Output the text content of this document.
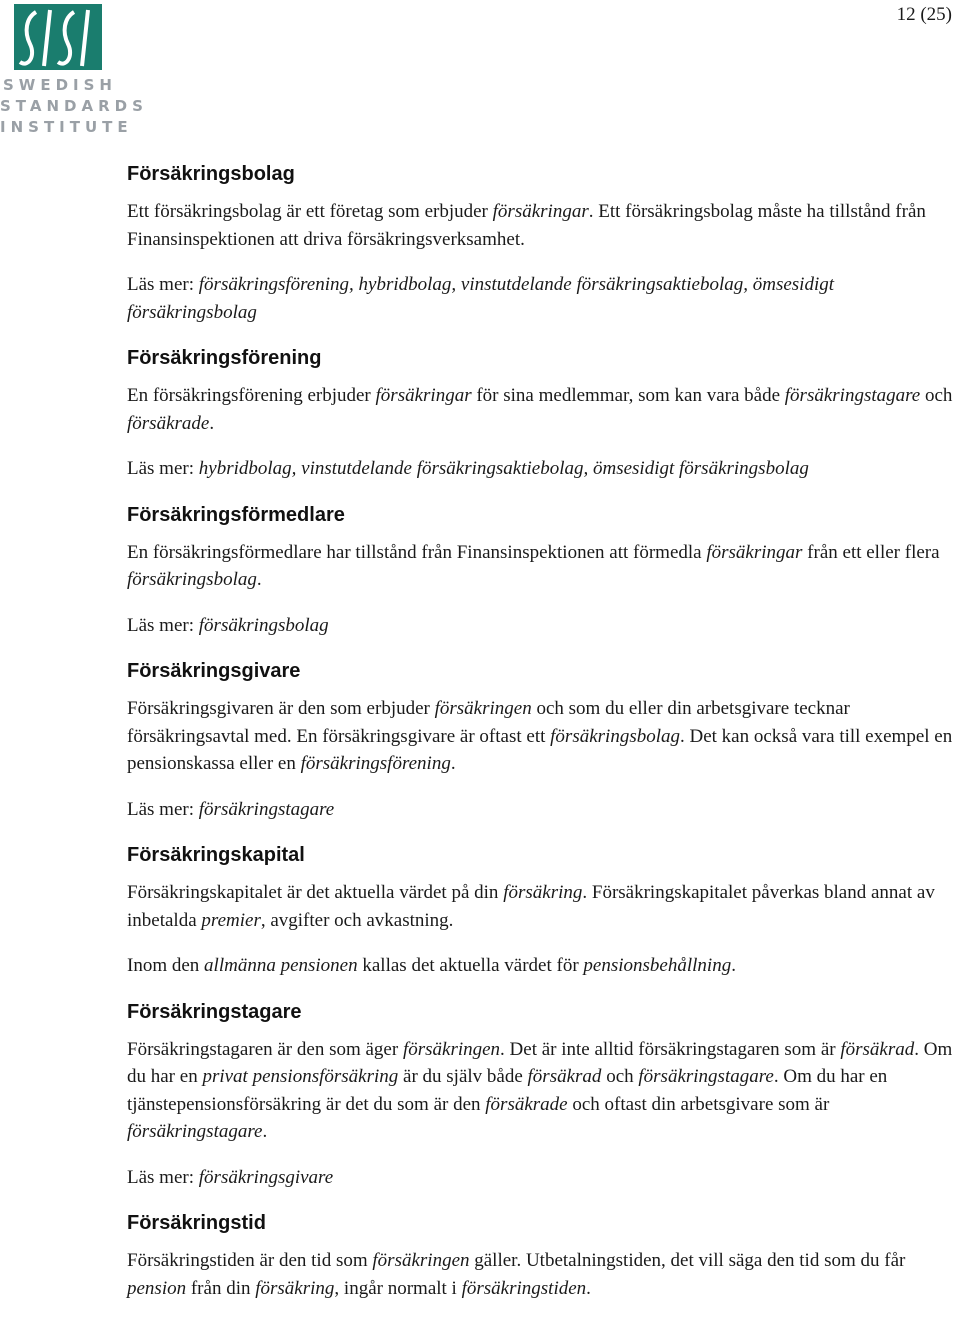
SWEDISH
STANDARDS
INSTITUTE
12 (25)
Försäkringsbolag

Ett försäkringsbolag är ett företag som erbjuder försäkringar. Ett försäkringsbolag måste ha tillstånd från Finansinspektionen att driva försäkringsverksamhet.

Läs mer: försäkringsförening, hybridbolag, vinstutdelande försäkringsaktiebolag, ömsesidigt försäkringsbolag

Försäkringsförening

En försäkringsförening erbjuder försäkringar för sina medlemmar, som kan vara både försäkringstagare och försäkrade.

Läs mer: hybridbolag, vinstutdelande försäkringsaktiebolag, ömsesidigt försäkringsbolag

Försäkringsförmedlare

En försäkringsförmedlare har tillstånd från Finansinspektionen att förmedla försäkringar från ett eller flera försäkringsbolag.

Läs mer: försäkringsbolag

Försäkringsgivare

Försäkringsgivaren är den som erbjuder försäkringen och som du eller din arbetsgivare tecknar försäkringsavtal med. En försäkringsgivare är oftast ett försäkringsbolag. Det kan också vara till exempel en pensionskassa eller en försäkringsförening.

Läs mer: försäkringstagare

Försäkringskapital

Försäkringskapitalet är det aktuella värdet på din försäkring. Försäkringskapitalet påverkas bland annat av inbetalda premier, avgifter och avkastning.

Inom den allmänna pensionen kallas det aktuella värdet för pensionsbehållning.

Försäkringstagare

Försäkringstagaren är den som äger försäkringen. Det är inte alltid försäkringstagaren som är försäkrad. Om du har en privat pensionsförsäkring är du själv både försäkrad och försäkringstagare. Om du har en tjänstepensionsförsäkring är det du som är den försäkrade och oftast din arbetsgivare som är försäkringstagare.

Läs mer: försäkringsgivare

Försäkringstid

Försäkringstiden är den tid som försäkringen gäller. Utbetalningstiden, det vill säga den tid som du får pension från din försäkring, ingår normalt i försäkringstiden.
